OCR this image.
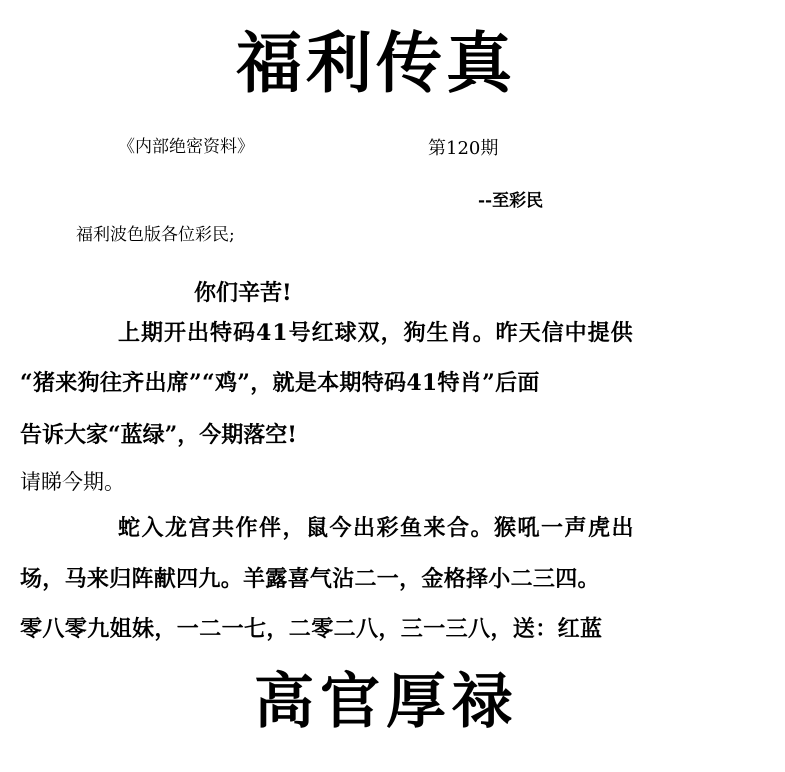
福利传真
《内部绝密资料》	第120期
--至彩民
福利波色版各位彩民;
你们辛苦!
上期开出特码41号红球双，狗生肖。昨天信中提供
“猪来狗往齐出席”“鸡”，就是本期特码41特肖”后面
告诉大家“蓝绿”，今期落空!
请睇今期。
蛇入龙宫共作伴，鼠今出彩鱼来合。猴吼一声虎出
场，马来归阵献四九。羊露喜气沾二一，金格择小二三四。
零八零九姐妹，一二一七，二零二八，三一三八，送：红蓝
高官厚禄
